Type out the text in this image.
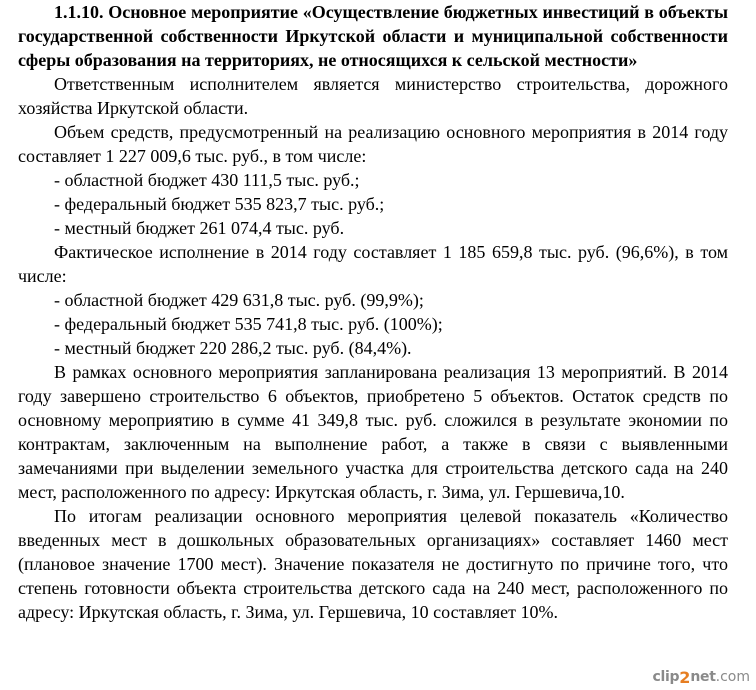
1.1.10. Основное мероприятие «Осуществление бюджетных инвестиций в объекты государственной собственности Иркутской области и муниципальной собственности сферы образования на территориях, не относящихся к сельской местности»

Ответственным исполнителем является министерство строительства, дорожного хозяйства Иркутской области.

Объем средств, предусмотренный на реализацию основного мероприятия в 2014 году составляет 1 227 009,6 тыс. руб., в том числе:

- областной бюджет 430 111,5 тыс. руб.;

- федеральный бюджет 535 823,7 тыс. руб.;

- местный бюджет 261 074,4 тыс. руб.

Фактическое исполнение в 2014 году составляет 1 185 659,8 тыс. руб. (96,6%), в том числе:

- областной бюджет 429 631,8 тыс. руб. (99,9%);

- федеральный бюджет 535 741,8 тыс. руб. (100%);

- местный бюджет 220 286,2 тыс. руб. (84,4%).

В рамках основного мероприятия запланирована реализация 13 мероприятий. В 2014 году завершено строительство 6 объектов, приобретено 5 объектов. Остаток средств по основному мероприятию в сумме 41 349,8 тыс. руб. сложился в результате экономии по контрактам, заключенным на выполнение работ, а также в связи с выявленными замечаниями при выделении земельного участка для строительства детского сада на 240 мест, расположенного по адресу: Иркутская область, г. Зима, ул. Гершевича,10.

По итогам реализации основного мероприятия целевой показатель «Количество введенных мест в дошкольных образовательных организациях» составляет 1460 мест (плановое значение 1700 мест). Значение показателя не достигнуто по причине того, что степень готовности объекта строительства детского сада на 240 мест, расположенного по адресу: Иркутская область, г. Зима, ул. Гершевича, 10 составляет 10%.

clip 2 net .com
